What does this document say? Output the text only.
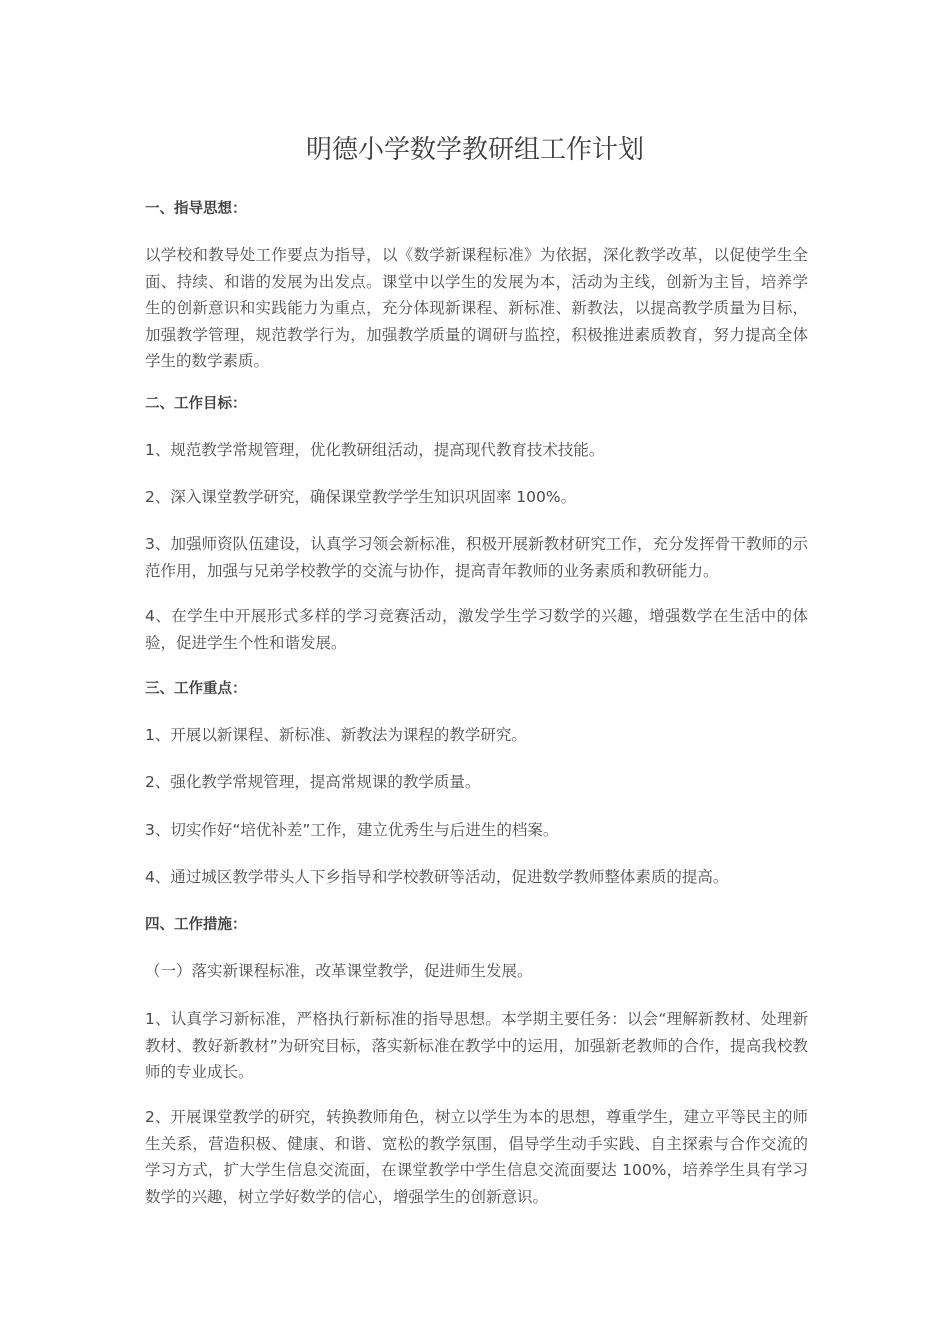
明德小学数学教研组工作计划

一、指导思想：

以学校和教导处工作要点为指导，以《数学新课程标准》为依据，深化教学改革，以促使学生全面、持续、和谐的发展为出发点。课堂中以学生的发展为本，活动为主线，创新为主旨，培养学生的创新意识和实践能力为重点，充分体现新课程、新标准、新教法，以提高教学质量为目标，加强教学管理，规范教学行为，加强教学质量的调研与监控，积极推进素质教育，努力提高全体学生的数学素质。

二、工作目标：

1、规范教学常规管理，优化教研组活动，提高现代教育技术技能。

2、深入课堂教学研究，确保课堂教学学生知识巩固率 100%。

3、加强师资队伍建设，认真学习领会新标准，积极开展新教材研究工作，充分发挥骨干教师的示范作用，加强与兄弟学校教学的交流与协作，提高青年教师的业务素质和教研能力。

4、在学生中开展形式多样的学习竞赛活动，激发学生学习数学的兴趣，增强数学在生活中的体验，促进学生个性和谐发展。

三、工作重点：

1、开展以新课程、新标准、新教法为课程的教学研究。

2、强化教学常规管理，提高常规课的教学质量。

3、切实作好“培优补差”工作，建立优秀生与后进生的档案。

4、通过城区教学带头人下乡指导和学校教研等活动，促进数学教师整体素质的提高。

四、工作措施：

（一）落实新课程标准，改革课堂教学，促进师生发展。

1、认真学习新标准，严格执行新标准的指导思想。本学期主要任务：以会“理解新教材、处理新教材、教好新教材”为研究目标，落实新标准在教学中的运用，加强新老教师的合作，提高我校教师的专业成长。

2、开展课堂教学的研究，转换教师角色，树立以学生为本的思想，尊重学生，建立平等民主的师生关系，营造积极、健康、和谐、宽松的教学氛围，倡导学生动手实践、自主探索与合作交流的学习方式，扩大学生信息交流面，在课堂教学中学生信息交流面要达 100%，培养学生具有学习数学的兴趣，树立学好数学的信心，增强学生的创新意识。
